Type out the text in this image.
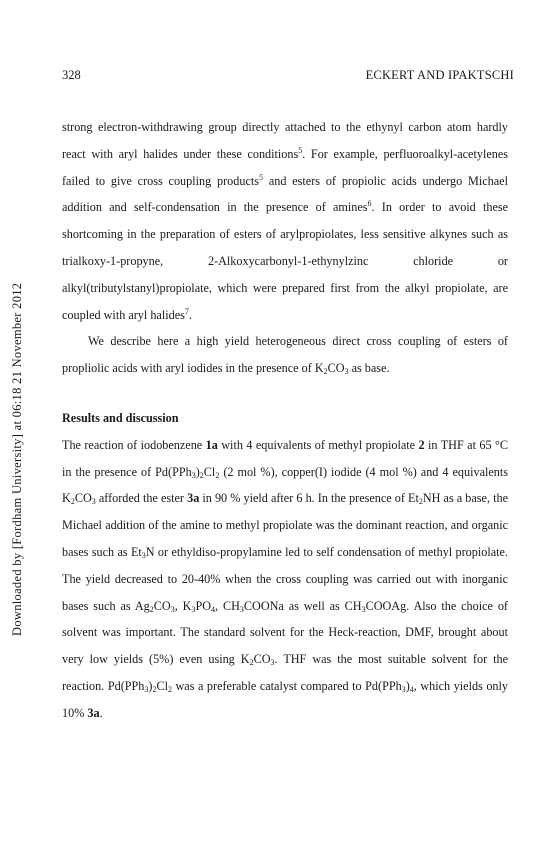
328	ECKERT AND IPAKTSCHI
Downloaded by [Fordham University] at 06:18 21 November 2012

strong electron-withdrawing group directly attached to the ethynyl carbon atom hardly react with aryl halides under these conditions$^5$. For example, perfluoroalkyl-acetylenes failed to give cross coupling products$^5$ and esters of propiolic acids undergo Michael addition and self-condensation in the presence of amines$^6$. In order to avoid these shortcoming in the preparation of esters of arylpropiolates, less sensitive alkynes such as trialkoxy-1-propyne, 2-Alkoxycarbonyl-1-ethynylzinc chloride or alkyl(tributylstanyl)propiolate, which were prepared first from the alkyl propiolate, are coupled with aryl halides$^7$.

We describe here a high yield heterogeneous direct cross coupling of esters of propliolic acids with aryl iodides in the presence of $K_2CO_3$ as base.

Results and discussion

The reaction of iodobenzene 1a with 4 equivalents of methyl propiolate 2 in THF at 65 °C in the presence of $Pd(PPh_3)_2Cl_2$ (2 mol %), copper(I) iodide (4 mol %) and 4 equivalents $K_2CO_3$ afforded the ester 3a in 90 % yield after 6 h. In the presence of $Et_2NH$ as a base, the Michael addition of the amine to methyl propiolate was the dominant reaction, and organic bases such as $Et_3N$ or ethyldiso-propylamine led to self condensation of methyl propiolate. The yield decreased to 20-40% when the cross coupling was carried out with inorganic bases such as $Ag_2CO_3$, $K_3PO_4$, $CH_3COONa$ as well as $CH_3COOAg$. Also the choice of solvent was important. The standard solvent for the Heck-reaction, DMF, brought about very low yields (5%) even using $K_2CO_3$. THF was the most suitable solvent for the reaction. $Pd(PPh_3)_2Cl_2$ was a preferable catalyst compared to $Pd(PPh_3)_4$, which yields only 10% 3a.
